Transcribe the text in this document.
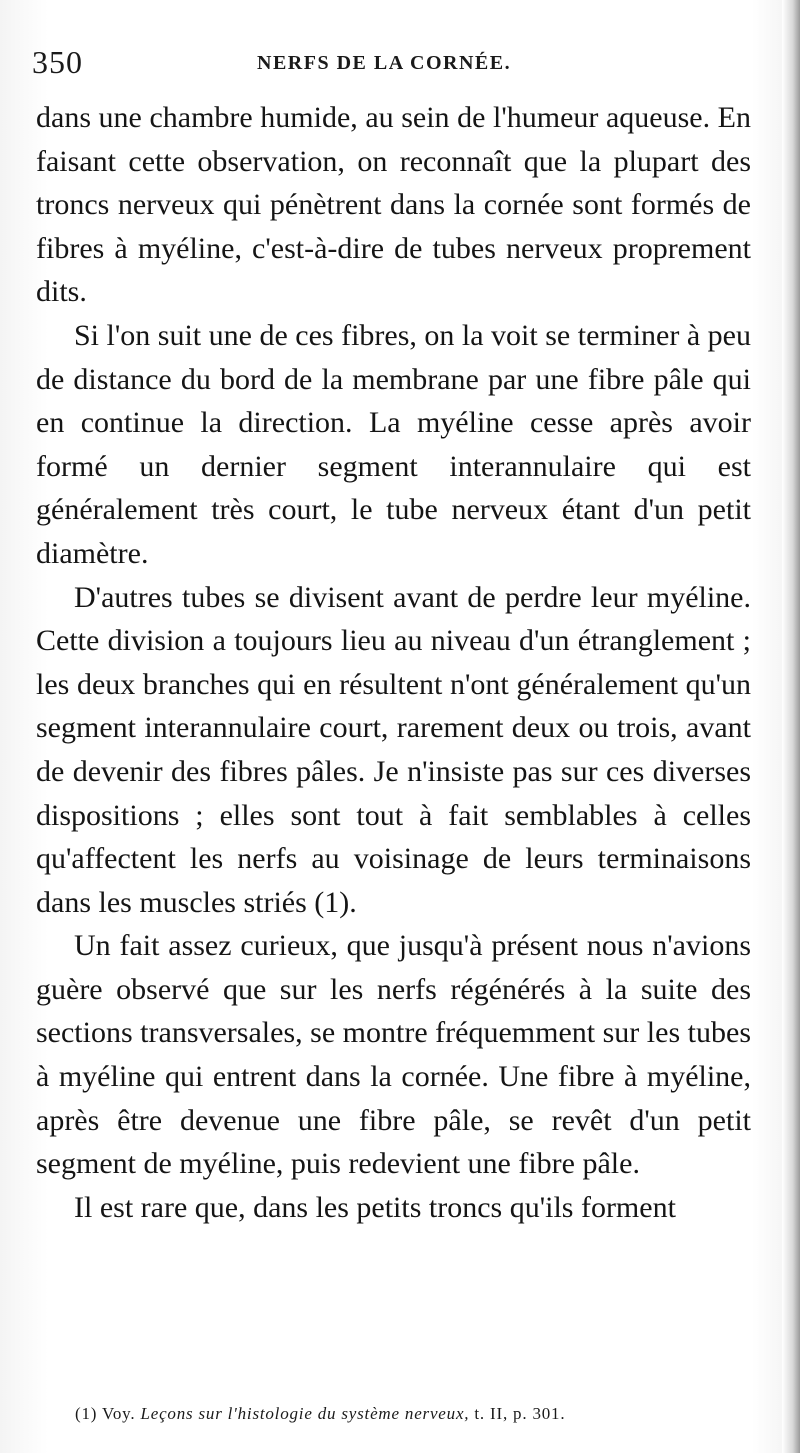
350	NERFS DE LA CORNÉE.

dans une chambre humide, au sein de l'humeur aqueuse. En faisant cette observation, on reconnaît que la plupart des troncs nerveux qui pénètrent dans la cornée sont formés de fibres à myéline, c'est-à-dire de tubes nerveux proprement dits.

Si l'on suit une de ces fibres, on la voit se terminer à peu de distance du bord de la membrane par une fibre pâle qui en continue la direction. La myéline cesse après avoir formé un dernier segment interannulaire qui est généralement très court, le tube nerveux étant d'un petit diamètre.

D'autres tubes se divisent avant de perdre leur myéline. Cette division a toujours lieu au niveau d'un étranglement ; les deux branches qui en résultent n'ont généralement qu'un segment interannulaire court, rarement deux ou trois, avant de devenir des fibres pâles. Je n'insiste pas sur ces diverses dispositions ; elles sont tout à fait semblables à celles qu'affectent les nerfs au voisinage de leurs terminaisons dans les muscles striés (1).

Un fait assez curieux, que jusqu'à présent nous n'avions guère observé que sur les nerfs régénérés à la suite des sections transversales, se montre fréquemment sur les tubes à myéline qui entrent dans la cornée. Une fibre à myéline, après être devenue une fibre pâle, se revêt d'un petit segment de myéline, puis redevient une fibre pâle.

Il est rare que, dans les petits troncs qu'ils forment

(1) Voy. Leçons sur l'histologie du système nerveux, t. II, p. 301.
